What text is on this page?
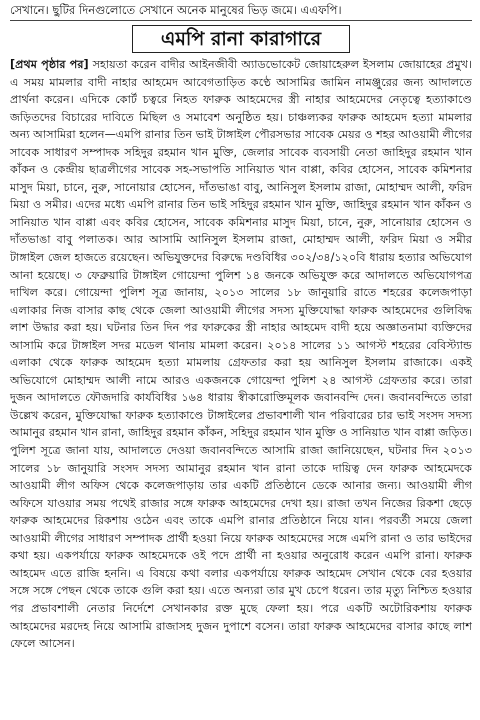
সেখানে। ছুটির দিনগুলোতে সেখানে অনেক মানুষের ভিড় জমে। এএফপি।
এমপি রানা কারাগারে
[প্রথম পৃষ্ঠার পর] সহায়তা করেন বাদীর আইনজীবী অ্যাডভোকেট জোয়াহেরুল ইসলাম জোয়াহের প্রমুখ। এ সময় মামলার বাদী নাহার আহমেদ আবেগতাড়িত কণ্ঠে আসামির জামিন নামঞ্জুরের জন্য আদালতে প্রার্থনা করেন। এদিকে কোর্ট চত্বরে নিহত ফারুক আহমেদের স্ত্রী নাহার আহমেদের নেতৃত্বে হত্যাকাণ্ডে জড়িতদের বিচারের দাবিতে মিছিল ও সমাবেশ অনুষ্ঠিত হয়। চাঞ্চল্যকর ফারুক আহমেদ হত্যা মামলার অন্য আসামিরা হলেন—এমপি রানার তিন ভাই টাঙ্গাইল পৌরসভার সাবেক মেয়র ও শহর আওয়ামী লীগের সাবেক সাধারণ সম্পাদক সহিদুর রহমান খান মুক্তি, জেলার সাবেক ব্যবসায়ী নেতা জাহিদুর রহমান খান কাঁকন ও কেন্দ্রীয় ছাত্রলীগের সাবেক সহ-সভাপতি সানিয়াত খান বাপ্পা, কবির হোসেন, সাবেক কমিশনার মাসুদ মিয়া, চানে, নুরু, সানোয়ার হোসেন, দাঁতভাঙা বাবু, আনিসুল ইসলাম রাজা, মোহাম্মদ আলী, ফরিদ মিয়া ও সমীর। এদের মধ্যে এমপি রানার তিন ভাই সহিদুর রহমান খান মুক্তি, জাহিদুর রহমান খান কাঁকন ও সানিয়াত খান বাপ্পা এবং কবির হোসেন, সাবেক কমিশনার মাসুদ মিয়া, চানে, নুরু, সানোয়ার হোসেন ও দাঁতভাঙা বাবু পলাতক। আর আসামি আনিসুল ইসলাম রাজা, মোহাম্মদ আলী, ফরিদ মিয়া ও সমীর টাঙ্গাইল জেল হাজতে রয়েছেন। অভিযুক্তদের বিরুদ্ধে দণ্ডবিধির ৩০২/৩৪/১২০বি ধারায় হত্যার অভিযোগ আনা হয়েছে। ৩ ফেব্রুয়ারি টাঙ্গাইল গোয়েন্দা পুলিশ ১৪ জনকে অভিযুক্ত করে আদালতে অভিযোগপত্র দাখিল করে। গোয়েন্দা পুলিশ সূত্র জানায়, ২০১৩ সালের ১৮ জানুয়ারি রাতে শহরের কলেজপাড়া এলাকার নিজ বাসার কাছ থেকে জেলা আওয়ামী লীগের সদস্য মুক্তিযোদ্ধা ফারুক আহমেদের গুলিবিদ্ধ লাশ উদ্ধার করা হয়। ঘটনার তিন দিন পর ফারুকের স্ত্রী নাহার আহমেদ বাদী হয়ে অজ্ঞাতনামা ব্যক্তিদের আসামি করে টাঙ্গাইল সদর মডেল থানায় মামলা করেন। ২০১৪ সালের ১১ আগস্ট শহরের বেবিস্ট্যান্ড এলাকা থেকে ফারুক আহমেদ হত্যা মামলায় গ্রেফতার করা হয় আনিসুল ইসলাম রাজাকে। একই অভিযোগে মোহাম্মদ আলী নামে আরও একজনকে গোয়েন্দা পুলিশ ২৪ আগস্ট গ্রেফতার করে। তারা দুজন আদালতে ফৌজদারি কার্যবিধির ১৬৪ ধারায় স্বীকারোক্তিমূলক জবানবন্দি দেন। জবানবন্দিতে তারা উল্লেখ করেন, মুক্তিযোদ্ধা ফারুক হত্যাকাণ্ডে টাঙ্গাইলের প্রভাবশালী খান পরিবারের চার ভাই সংসদ সদস্য আমানুর রহমান খান রানা, জাহিদুর রহমান কাঁকন, সহিদুর রহমান খান মুক্তি ও সানিয়াত খান বাপ্পা জড়িত। পুলিশ সূত্রে জানা যায়, আদালতে দেওয়া জবানবন্দিতে আসামি রাজা জানিয়েছেন, ঘটনার দিন ২০১৩ সালের ১৮ জানুয়ারি সংসদ সদস্য আমানুর রহমান খান রানা তাকে দায়িত্ব দেন ফারুক আহমেদকে আওয়ামী লীগ অফিস থেকে কলেজপাড়ায় তার একটি প্রতিষ্ঠানে ডেকে আনার জন্য। আওয়ামী লীগ অফিসে যাওয়ার সময় পথেই রাজার সঙ্গে ফারুক আহমেদের দেখা হয়। রাজা তখন নিজের রিকশা ছেড়ে ফারুক আহমেদের রিকশায় ওঠেন এবং তাকে এমপি রানার প্রতিষ্ঠানে নিয়ে যান। পরবর্তী সময়ে জেলা আওয়ামী লীগের সাধারণ সম্পাদক প্রার্থী হওয়া নিয়ে ফারুক আহমেদের সঙ্গে এমপি রানা ও তার ভাইদের কথা হয়। একপর্যায়ে ফারুক আহমেদকে ওই পদে প্রার্থী না হওয়ার অনুরোধ করেন এমপি রানা। ফারুক আহমেদ এতে রাজি হননি। এ বিষয়ে কথা বলার একপর্যায়ে ফারুক আহমেদ সেখান থেকে বের হওয়ার সঙ্গে সঙ্গে পেছন থেকে তাকে গুলি করা হয়। এতে অন্যরা তার মুখ চেপে ধরেন। তার মৃত্যু নিশ্চিত হওয়ার পর প্রভাবশালী নেতার নির্দেশে সেখানকার রক্ত মুছে ফেলা হয়। পরে একটি অটোরিকশায় ফারুক আহমেদের মরদেহ নিয়ে আসামি রাজাসহ দুজন দুপাশে বসেন। তারা ফারুক আহমেদের বাসার কাছে লাশ ফেলে আসেন।
